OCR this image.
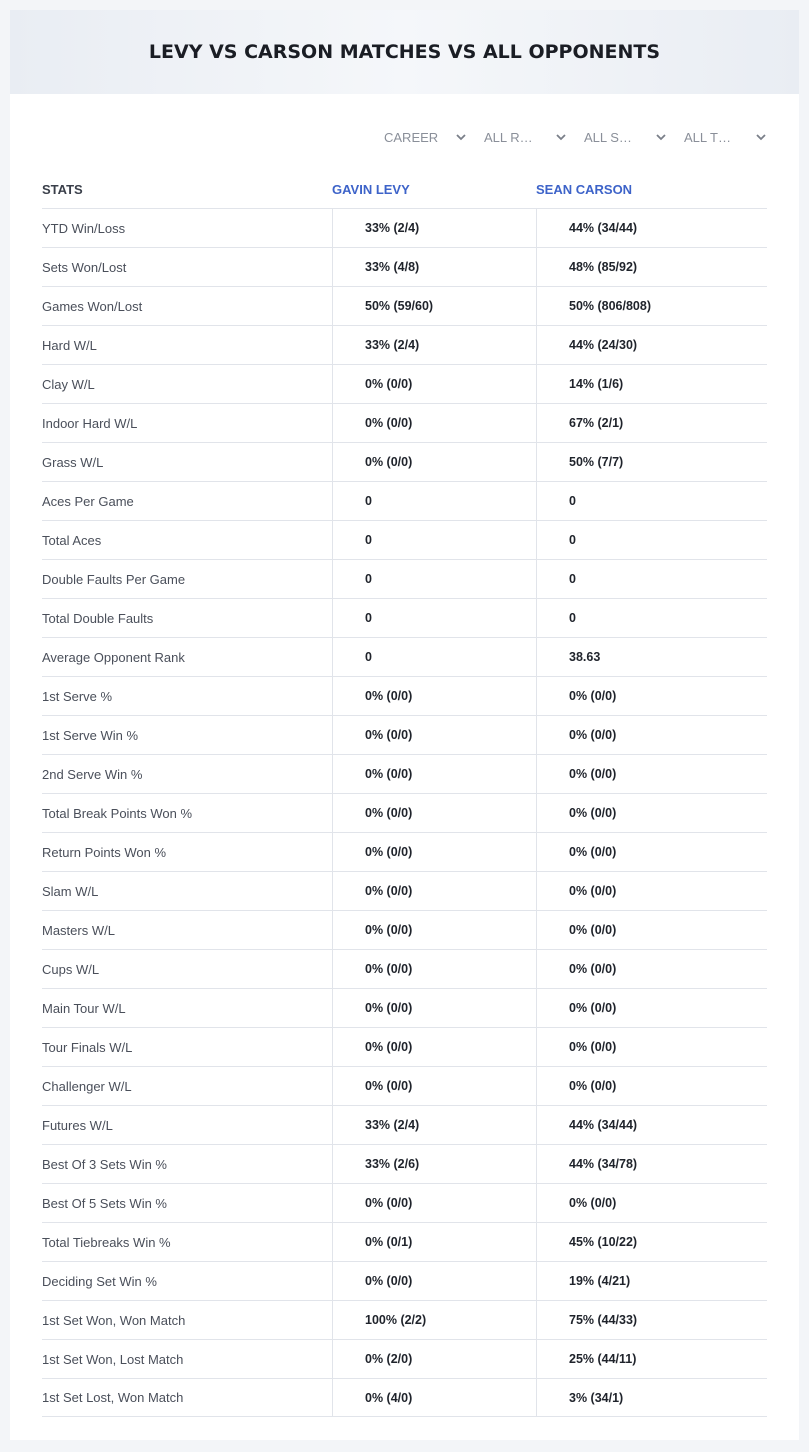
LEVY VS CARSON MATCHES VS ALL OPPONENTS
CAREER	ALL R…	ALL S…	ALL T…
STATS	GAVIN LEVY	SEAN CARSON
YTD Win/Loss	33% (2/4)	44% (34/44)
Sets Won/Lost	33% (4/8)	48% (85/92)
Games Won/Lost	50% (59/60)	50% (806/808)
Hard W/L	33% (2/4)	44% (24/30)
Clay W/L	0% (0/0)	14% (1/6)
Indoor Hard W/L	0% (0/0)	67% (2/1)
Grass W/L	0% (0/0)	50% (7/7)
Aces Per Game	0	0
Total Aces	0	0
Double Faults Per Game	0	0
Total Double Faults	0	0
Average Opponent Rank	0	38.63
1st Serve %	0% (0/0)	0% (0/0)
1st Serve Win %	0% (0/0)	0% (0/0)
2nd Serve Win %	0% (0/0)	0% (0/0)
Total Break Points Won %	0% (0/0)	0% (0/0)
Return Points Won %	0% (0/0)	0% (0/0)
Slam W/L	0% (0/0)	0% (0/0)
Masters W/L	0% (0/0)	0% (0/0)
Cups W/L	0% (0/0)	0% (0/0)
Main Tour W/L	0% (0/0)	0% (0/0)
Tour Finals W/L	0% (0/0)	0% (0/0)
Challenger W/L	0% (0/0)	0% (0/0)
Futures W/L	33% (2/4)	44% (34/44)
Best Of 3 Sets Win %	33% (2/6)	44% (34/78)
Best Of 5 Sets Win %	0% (0/0)	0% (0/0)
Total Tiebreaks Win %	0% (0/1)	45% (10/22)
Deciding Set Win %	0% (0/0)	19% (4/21)
1st Set Won, Won Match	100% (2/2)	75% (44/33)
1st Set Won, Lost Match	0% (2/0)	25% (44/11)
1st Set Lost, Won Match	0% (4/0)	3% (34/1)
